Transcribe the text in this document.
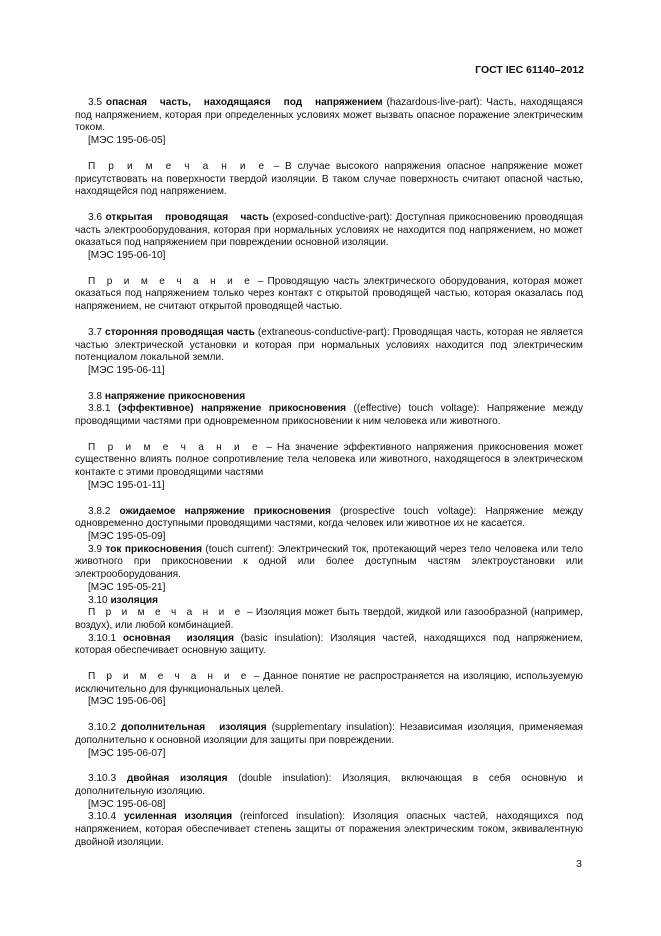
ГОСТ IEC 61140–2012

3.5 опасная часть, находящаяся под напряжением (hazardous-live-part): Часть, находящаяся под напряжением, которая при определенных условиях может вызвать опасное поражение электрическим током.

[МЭС 195-06-05]

П р и м е ч а н и е – В случае высокого напряжения опасное напряжение может присутствовать на поверхности твердой изоляции. В таком случае поверхность считают опасной частью, находящейся под напряжением.

3.6 открытая проводящая часть (exposed-conductive-part): Доступная прикосновению проводящая часть электрооборудования, которая при нормальных условиях не находится под напряжением, но может оказаться под напряжением при повреждении основной изоляции.

[МЭС 195-06-10]

П р и м е ч а н и е – Проводящую часть электрического оборудования, которая может оказаться под напряжением только через контакт с открытой проводящей частью, которая оказалась под напряжением, не считают открытой проводящей частью.

3.7 сторонняя проводящая часть (extraneous-conductive-part): Проводящая часть, которая не является частью электрической установки и которая при нормальных условиях находится под электрическим потенциалом локальной земли.

[МЭС 195-06-11]

3.8 напряжение прикосновения

3.8.1 (эффективное) напряжение прикосновения ((effective) touch voltage): Напряжение между проводящими частями при одновременном прикосновении к ним человека или животного.

П р и м е ч а н и е – На значение эффективного напряжения прикосновения может существенно влиять полное сопротивление тела человека или животного, находящегося в электрическом контакте с этими проводящими частями

[МЭС 195-01-11]

3.8.2 ожидаемое напряжение прикосновения (prospective touch voltage): Напряжение между одновременно доступными проводящими частями, когда человек или животное их не касается.

[МЭС 195-05-09]

3.9 ток прикосновения (touch current): Электрический ток, протекающий через тело человека или тело животного при прикосновении к одной или более доступным частям электроустановки или электрооборудования.

[МЭС 195-05-21]

3.10 изоляция

П р и м е ч а н и е – Изоляция может быть твердой, жидкой или газообразной (например, воздух), или любой комбинацией.

3.10.1 основная изоляция (basic insulation): Изоляция частей, находящихся под напряжением, которая обеспечивает основную защиту.

П р и м е ч а н и е – Данное понятие не распространяется на изоляцию, используемую исключительно для функциональных целей.

[МЭС 195-06-06]

3.10.2 дополнительная изоляция (supplementary insulation): Независимая изоляция, применяемая дополнительно к основной изоляции для защиты при повреждении.

[МЭС 195-06-07]

3.10.3 двойная изоляция (double insulation): Изоляция, включающая в себя основную и дополнительную изоляцию.

[МЭС 195-06-08]

3.10.4 усиленная изоляция (reinforced insulation): Изоляция опасных частей, находящихся под напряжением, которая обеспечивает степень защиты от поражения электрическим током, эквивалентную двойной изоляции.

3
